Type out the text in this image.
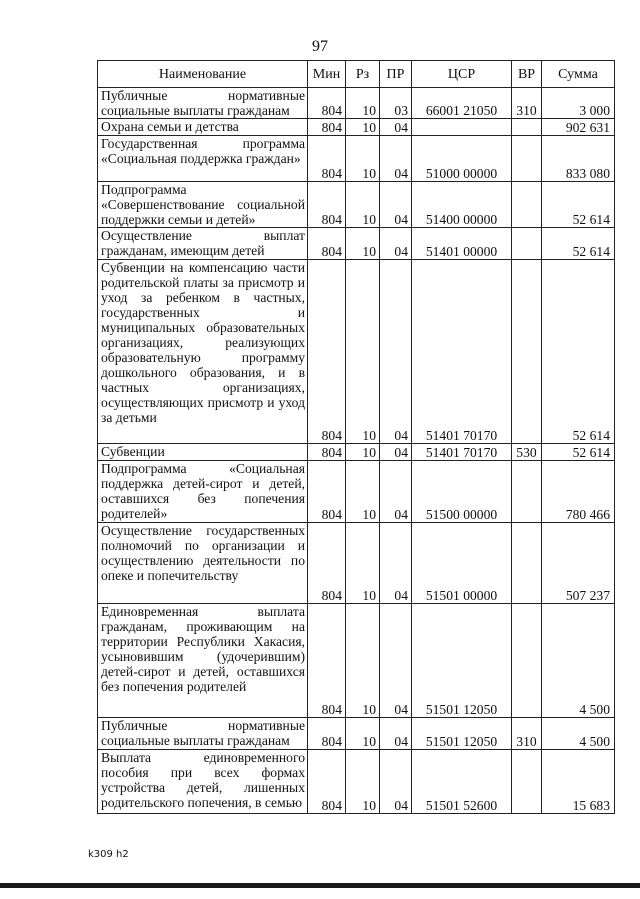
97
Наименование	Мин	Рз	ПР	ЦСР	ВР	Сумма
Публичные нормативные социальные выплаты гражданам	804	10	03	66001 21050	310	3 000
Охрана семьи и детства	804	10	04			902 631
Государственная программа «Социальная поддержка граждан»	804	10	04	51000 00000		833 080
Подпрограмма «Совершенствование социальной поддержки семьи и детей»	804	10	04	51400 00000		52 614
Осуществление выплат гражданам, имеющим детей	804	10	04	51401 00000		52 614
Субвенции на компенсацию части родительской платы за присмотр и уход за ребенком в частных, государственных и муниципальных образовательных организациях, реализующих образовательную программу дошкольного образования, и в частных организациях, осуществляющих присмотр и уход за детьми	804	10	04	51401 70170		52 614
Субвенции	804	10	04	51401 70170	530	52 614
Подпрограмма «Социальная поддержка детей-сирот и детей, оставшихся без попечения родителей»	804	10	04	51500 00000		780 466
Осуществление государственных полномочий по организации и осуществлению деятельности по опеке и попечительству	804	10	04	51501 00000		507 237
Единовременная выплата гражданам, проживающим на территории Республики Хакасия, усыновившим (удочерившим) детей-сирот и детей, оставшихся без попечения родителей	804	10	04	51501 12050		4 500
Публичные нормативные социальные выплаты гражданам	804	10	04	51501 12050	310	4 500
Выплата единовременного пособия при всех формах устройства детей, лишенных родительского попечения, в семью	804	10	04	51501 52600		15 683
k309 h2
